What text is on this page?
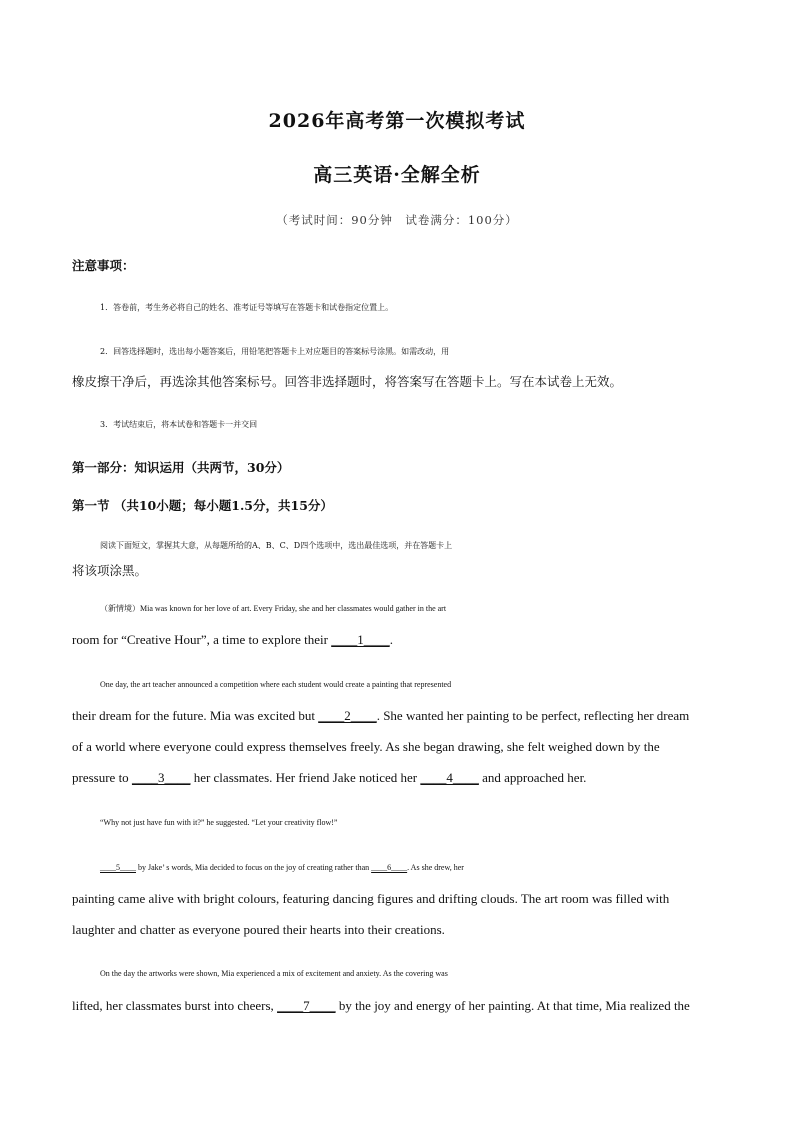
2026年高考第一次模拟考试
高三英语·全解全析
（考试时间：90分钟　试卷满分：100分）
注意事项：
1．答卷前，考生务必将自己的姓名、准考证号等填写在答题卡和试卷指定位置上。
2．回答选择题时，选出每小题答案后，用铅笔把答题卡上对应题目的答案标号涂黑。如需改动，用
橡皮擦干净后，再选涂其他答案标号。回答非选择题时，将答案写在答题卡上。写在本试卷上无效。
3．考试结束后，将本试卷和答题卡一并交回
第一部分：知识运用（共两节，30分）
第一节 （共10小题；每小题1.5分，共15分）
阅读下面短文，掌握其大意，从每题所给的A、B、C、D四个选项中，选出最佳选项，并在答题卡上
将该项涂黑。
（新情境）Mia was known for her love of art. Every Friday, she and her classmates would gather in the art
room for “Creative Hour”, a time to explore their ____1____.
One day, the art teacher announced a competition where each student would create a painting that represented
their dream for the future. Mia was excited but ____2____. She wanted her painting to be perfect, reflecting her dream
of a world where everyone could express themselves freely. As she began drawing, she felt weighed down by the
pressure to ____3____ her classmates. Her friend Jake noticed her ____4____ and approached her.
“Why not just have fun with it?” he suggested. “Let your creativity flow!”
____5____ by Jake’ s words, Mia decided to focus on the joy of creating rather than ____6____. As she drew, her
painting came alive with bright colours, featuring dancing figures and drifting clouds. The art room was filled with
laughter and chatter as everyone poured their hearts into their creations.
On the day the artworks were shown, Mia experienced a mix of excitement and anxiety. As the covering was
lifted, her classmates burst into cheers, ____7____ by the joy and energy of her painting. At that time, Mia realized the
